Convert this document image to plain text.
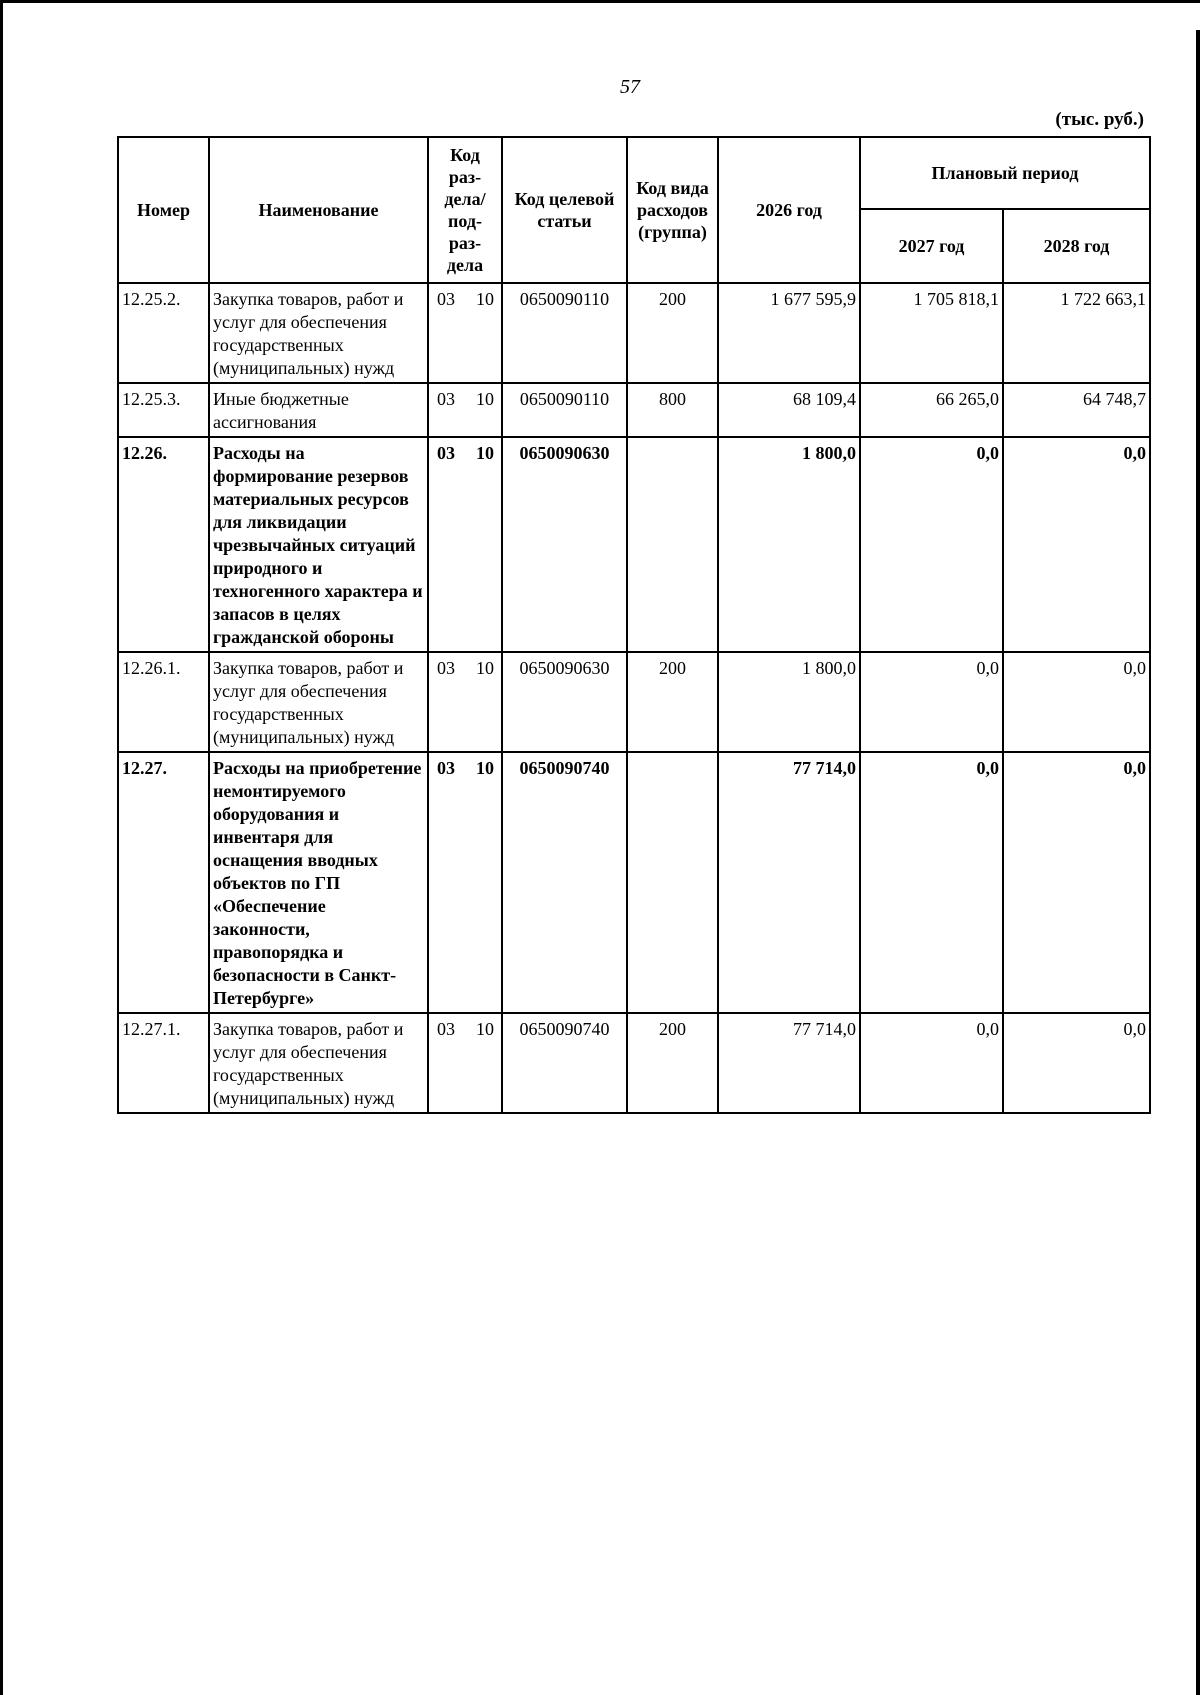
57
(тыс. руб.)
Номер	Наименование	Код раз-дела/ под-раз-дела	Код целевой статьи	Код вида расходов (группа)	2026 год	Плановый период	
						2027 год	2028 год
12.25.2.	Закупка товаров, работ и услуг для обеспечения государственных (муниципальных) нужд	03 10	0650090110	200	1 677 595,9	1 705 818,1	1 722 663,1
12.25.3.	Иные бюджетные ассигнования	03 10	0650090110	800	68 109,4	66 265,0	64 748,7
12.26.	Расходы на формирование резервов материальных ресурсов для ликвидации чрезвычайных ситуаций природного и техногенного характера и запасов в целях гражданской обороны	03 10	0650090630		1 800,0	0,0	0,0
12.26.1.	Закупка товаров, работ и услуг для обеспечения государственных (муниципальных) нужд	03 10	0650090630	200	1 800,0	0,0	0,0
12.27.	Расходы на приобретение немонтируемого оборудования и инвентаря для оснащения вводных объектов по ГП «Обеспечение законности, правопорядка и безопасности в Санкт-Петербурге»	03 10	0650090740		77 714,0	0,0	0,0
12.27.1.	Закупка товаров, работ и услуг для обеспечения государственных (муниципальных) нужд	03 10	0650090740	200	77 714,0	0,0	0,0
